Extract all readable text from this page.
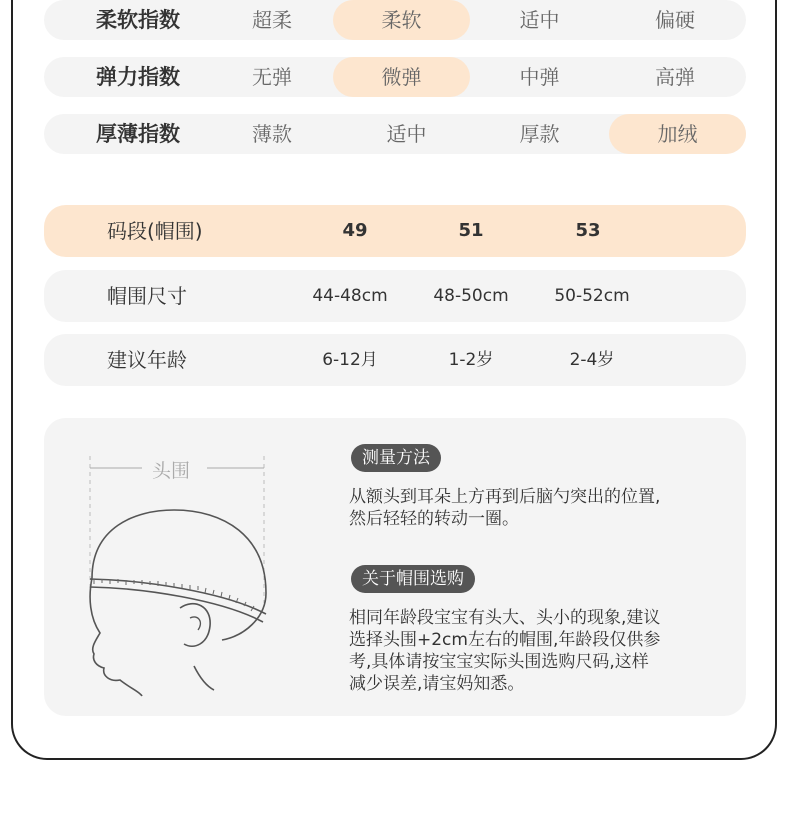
柔软指数	超柔	柔软	适中	偏硬
弹力指数	无弹	微弹	中弹	高弹
厚薄指数	薄款	适中	厚款	加绒
码段(帽围)	49	51	53
帽围尺寸	44-48cm	48-50cm	50-52cm
建议年龄	6-12月	1-2岁	2-4岁
头围
测量方法
从额头到耳朵上方再到后脑勺突出的位置,
然后轻轻的转动一圈。
关于帽围选购
相同年龄段宝宝有头大、头小的现象,建议
选择头围+2cm左右的帽围,年龄段仅供参
考,具体请按宝宝实际头围选购尺码,这样
减少误差,请宝妈知悉。
